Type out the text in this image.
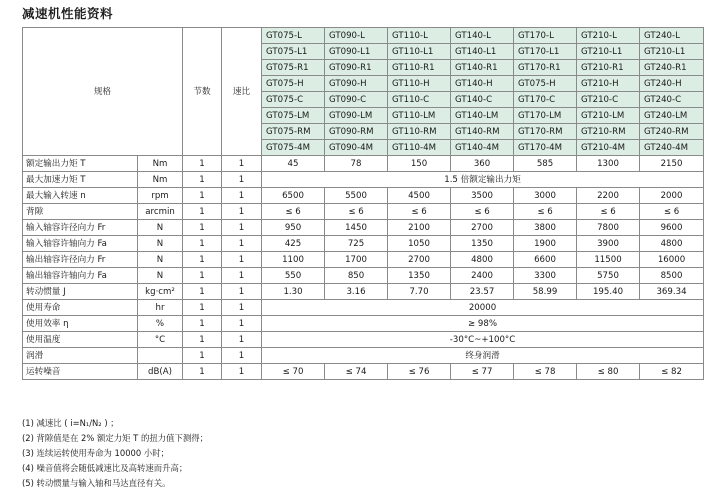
减速机性能资料
规格		节数	速比	GT075-L	GT090-L	GT110-L	GT140-L	GT170-L	GT210-L	GT240-L
				GT075-L1	GT090-L1	GT110-L1	GT140-L1	GT170-L1	GT210-L1	GT210-L1
				GT075-R1	GT090-R1	GT110-R1	GT140-R1	GT170-R1	GT210-R1	GT240-R1
				GT075-H	GT090-H	GT110-H	GT140-H	GT075-H	GT210-H	GT240-H
				GT075-C	GT090-C	GT110-C	GT140-C	GT170-C	GT210-C	GT240-C
				GT075-LM	GT090-LM	GT110-LM	GT140-LM	GT170-LM	GT210-LM	GT240-LM
				GT075-RM	GT090-RM	GT110-RM	GT140-RM	GT170-RM	GT210-RM	GT240-RM
				GT075-4M	GT090-4M	GT110-4M	GT140-4M	GT170-4M	GT210-4M	GT240-4M
额定输出力矩 T	Nm	1	1	45	78	150	360	585	1300	2150
最大加速力矩 T	Nm	1	1	1.5 倍额定输出力矩						
最大输入转速 n	rpm	1	1	6500	5500	4500	3500	3000	2200	2000
背隙	arcmin	1	1	≤ 6	≤ 6	≤ 6	≤ 6	≤ 6	≤ 6	≤ 6
输入轴容许径向力 Fr	N	1	1	950	1450	2100	2700	3800	7800	9600
输入轴容许轴向力 Fa	N	1	1	425	725	1050	1350	1900	3900	4800
输出轴容许径向力 Fr	N	1	1	1100	1700	2700	4800	6600	11500	16000
输出轴容许轴向力 Fa	N	1	1	550	850	1350	2400	3300	5750	8500
转动惯量 J	kg·cm²	1	1	1.30	3.16	7.70	23.57	58.99	195.40	369.34
使用寿命	hr	1	1	20000						
使用效率 η	%	1	1	≥ 98%						
使用温度	°C	1	1	-30°C~+100°C						
润滑		1	1	终身润滑						
运转噪音	dB(A)	1	1	≤ 70	≤ 74	≤ 76	≤ 77	≤ 78	≤ 80	≤ 82
(1) 减速比 ( i=N₁/N₂ ) ；
(2) 背隙值是在 2% 额定力矩 T 的扭力值下测得；
(3) 连续运转使用寿命为 10000 小时；
(4) 噪音值将会随低减速比及高转速而升高；
(5) 转动惯量与输入轴和马达直径有关。
